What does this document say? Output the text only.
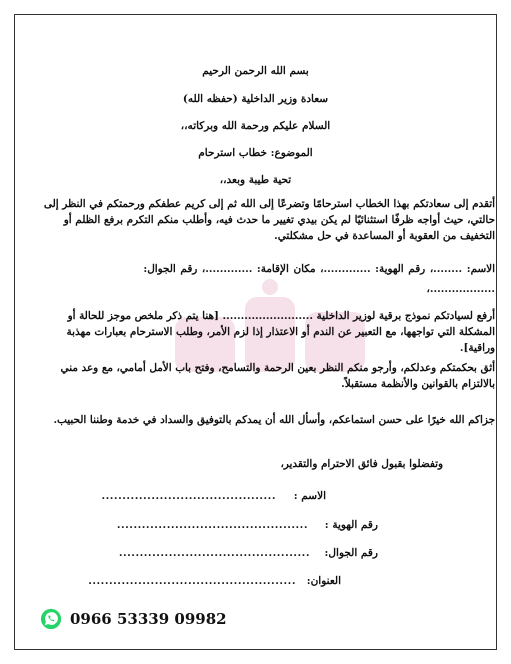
بسم الله الرحمن الرحيم
سعادة وزير الداخلية (حفظه الله)
السلام عليكم ورحمة الله وبركاته،،
الموضوع: خطاب استرحام
تحية طيبة وبعد،،
أتقدم إلى سعادتكم بهذا الخطاب استرحامًا وتضرعًا إلى الله ثم إلى كريم عطفكم ورحمتكم في النظر إلى حالتي، حيث أواجه ظرفًا استثنائيًا لم يكن بيدي تغيير ما حدث فيه، وأطلب منكم التكرم برفع الظلم أو التخفيف من العقوبة أو المساعدة في حل مشكلتي.
الاسم: ........، رقم الهوية: .............، مكان الإقامة: .............، رقم الجوال:
..................،
أرفع لسيادتكم نموذج برقية لوزير الداخلية ......................... [هنا يتم ذكر ملخص موجز للحالة أو المشكلة التي تواجهها، مع التعبير عن الندم أو الاعتذار إذا لزم الأمر، وطلب الاسترحام بعبارات مهذبة وراقية].
أثق بحكمتكم وعدلكم، وأرجو منكم النظر بعين الرحمة والتسامح، وفتح باب الأمل أمامي، مع وعد مني بالالتزام بالقوانين والأنظمة مستقبلاً.
جزاكم الله خيرًا على حسن استماعكم، وأسأل الله أن يمدكم بالتوفيق والسداد في خدمة وطننا الحبيب.
وتفضلوا بقبول فائق الاحترام والتقدير،
الاسم :
..........................................
رقم الهوية :
..............................................
رقم الجوال:
..............................................
العنوان:
..................................................
0966 53339 09982
